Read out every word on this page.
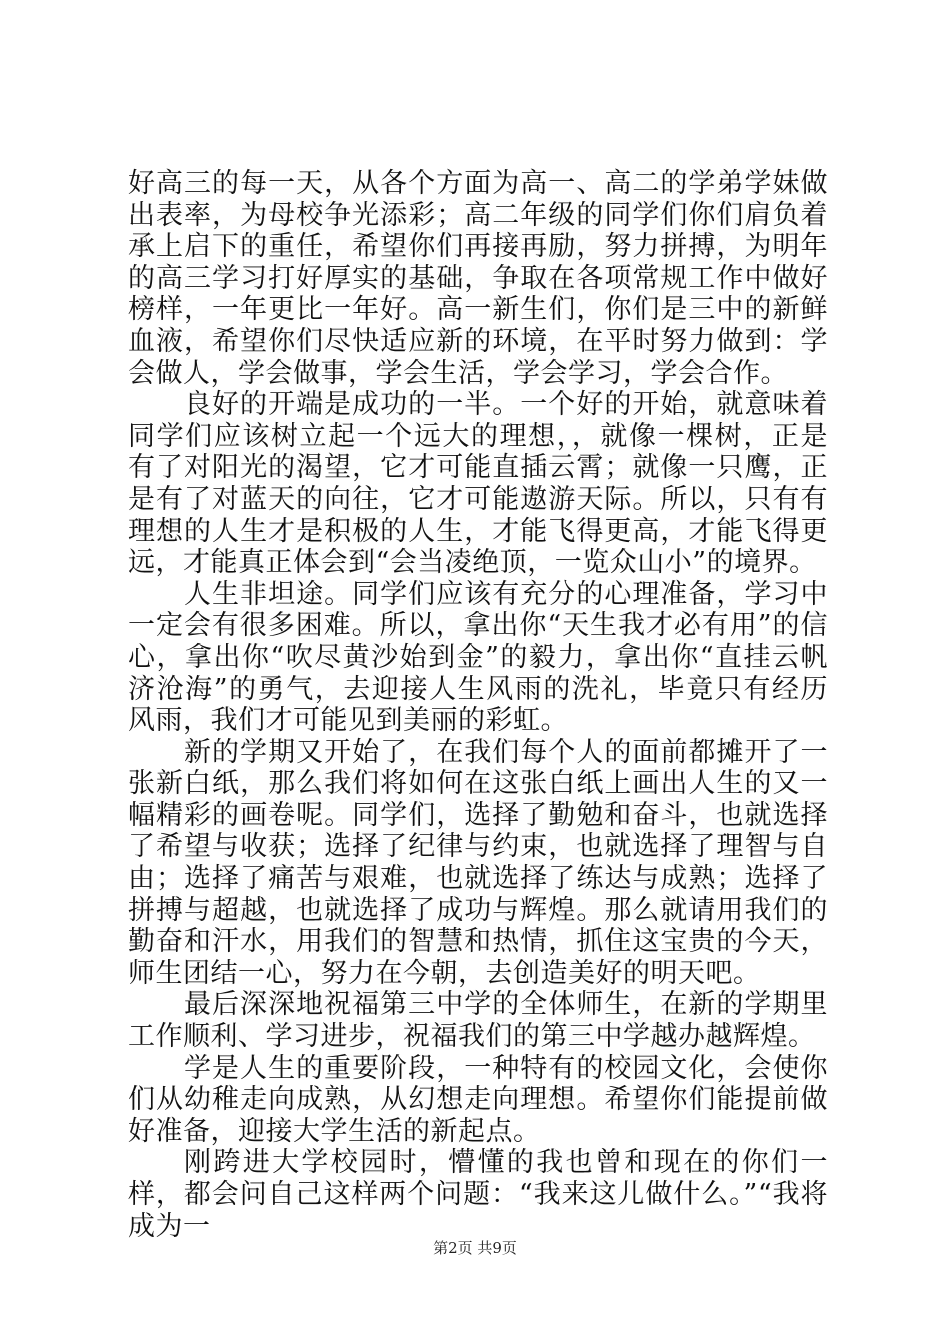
好高三的每一天，从各个方面为高一、高二的学弟学妹做出表率，为母校争光添彩；高二年级的同学们你们肩负着承上启下的重任，希望你们再接再励，努力拼搏，为明年的高三学习打好厚实的基础，争取在各项常规工作中做好榜样，一年更比一年好。高一新生们，你们是三中的新鲜血液，希望你们尽快适应新的环境，在平时努力做到：学会做人，学会做事，学会生活，学会学习，学会合作。

良好的开端是成功的一半。一个好的开始，就意味着同学们应该树立起一个远大的理想，，就像一棵树，正是有了对阳光的渴望，它才可能直插云霄；就像一只鹰，正是有了对蓝天的向往，它才可能遨游天际。所以，只有有理想的人生才是积极的人生，才能飞得更高，才能飞得更远，才能真正体会到“会当凌绝顶，一览众山小”的境界。

人生非坦途。同学们应该有充分的心理准备，学习中一定会有很多困难。所以，拿出你“天生我才必有用”的信心，拿出你“吹尽黄沙始到金”的毅力，拿出你“直挂云帆济沧海”的勇气，去迎接人生风雨的洗礼，毕竟只有经历风雨，我们才可能见到美丽的彩虹。

新的学期又开始了，在我们每个人的面前都摊开了一张新白纸，那么我们将如何在这张白纸上画出人生的又一幅精彩的画卷呢。同学们，选择了勤勉和奋斗，也就选择了希望与收获；选择了纪律与约束，也就选择了理智与自由；选择了痛苦与艰难，也就选择了练达与成熟；选择了拼搏与超越，也就选择了成功与辉煌。那么就请用我们的勤奋和汗水，用我们的智慧和热情，抓住这宝贵的今天，师生团结一心，努力在今朝，去创造美好的明天吧。

最后深深地祝福第三中学的全体师生，在新的学期里工作顺利、学习进步，祝福我们的第三中学越办越辉煌。

学是人生的重要阶段，一种特有的校园文化，会使你们从幼稚走向成熟，从幻想走向理想。希望你们能提前做好准备，迎接大学生活的新起点。

刚跨进大学校园时，懵懂的我也曾和现在的你们一样，都会问自己这样两个问题：“我来这儿做什么。”“我将成为一

第2页 共9页
